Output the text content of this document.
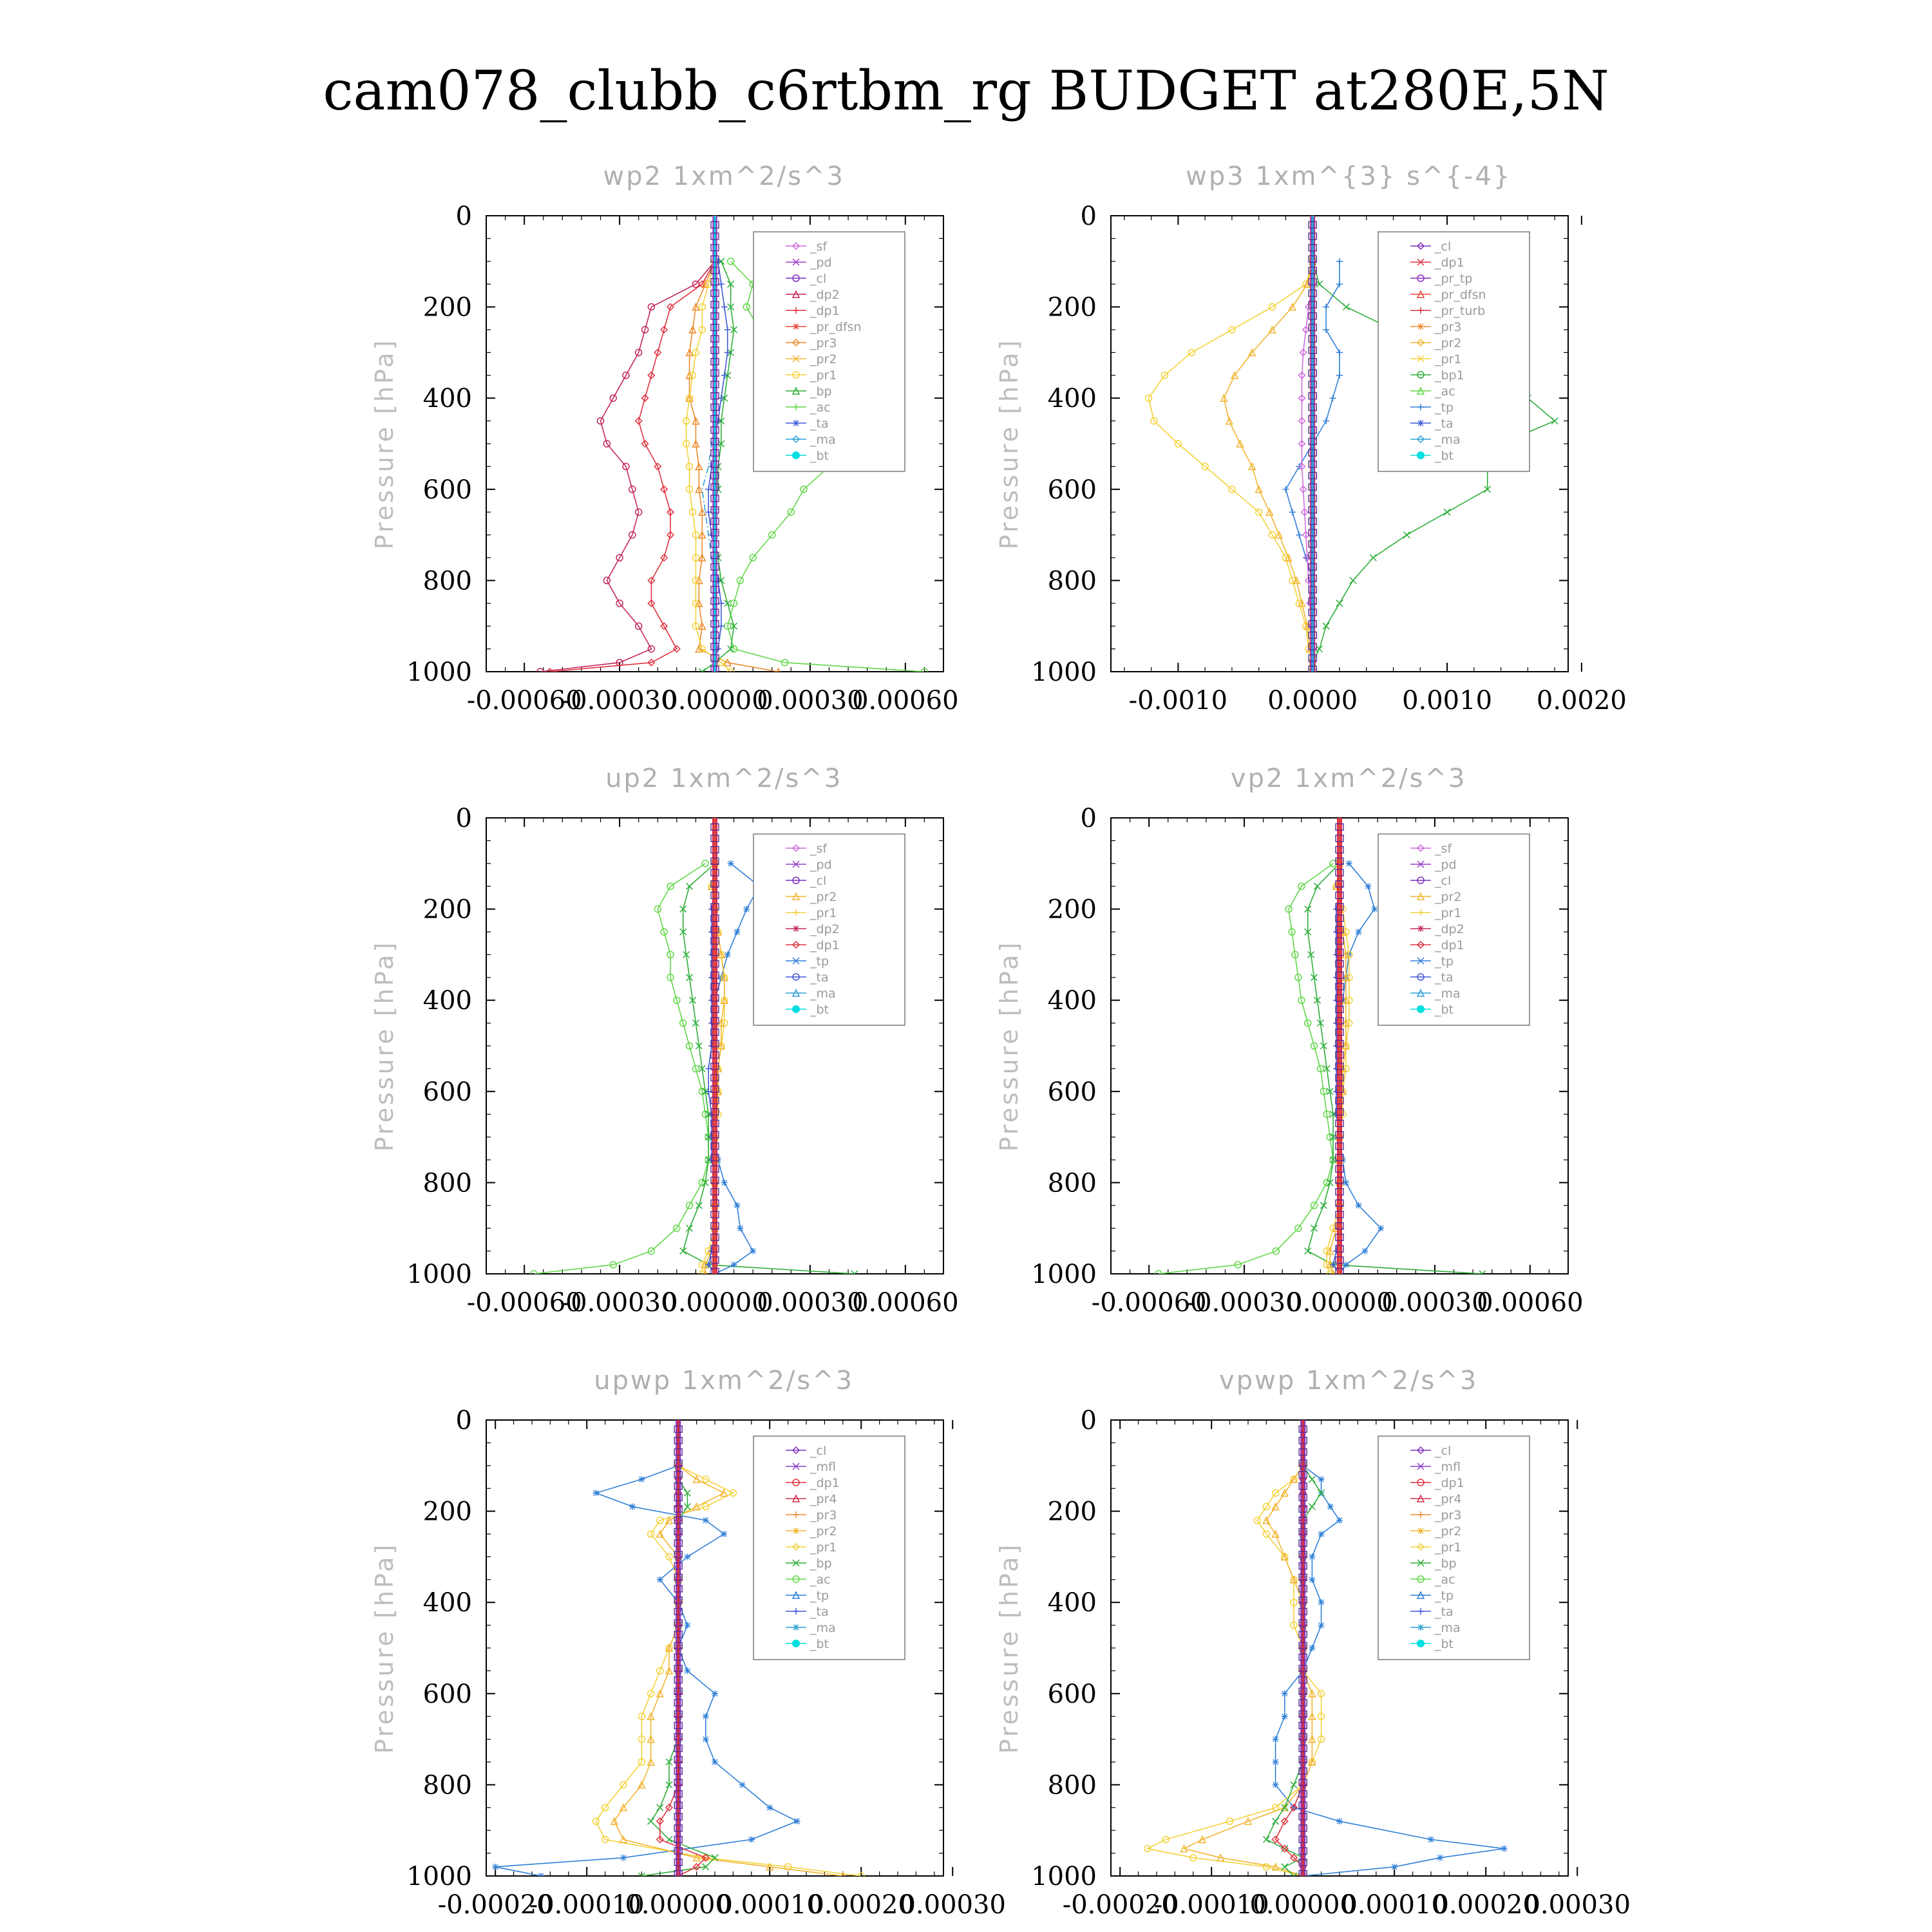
cam078_clubb_c6rtbm_rg BUDGET at280E,5N
wp2 1xm^2/s^3
Pressure [hPa]
0
200
400
600
800
1000
-0.00060
-0.00030
0.00000
0.00030
0.00060
_sf
_pd
_cl
_dp2
_dp1
_pr_dfsn
_pr3
_pr2
_pr1
_bp
_ac
_ta
_ma
_bt
wp3 1xm^{3} s^{-4}
Pressure [hPa]
0
200
400
600
800
1000
-0.0010 0.0000 0.0010 0.0020
_cl
_dp1
_pr_tp
_pr_dfsn
_pr_turb
_pr3
_pr2
_pr1
_bp1
_ac
_tp
_ta
_ma
_bt
up2 1xm^2/s^3
Pressure [hPa]
0
200
400
600
800
1000
-0.00060
-0.00030
0.00000
0.00030
0.00060
_sf
_pd
_cl
_pr2
_pr1
_dp2
_dp1
_tp
_ta
_ma
_bt
vp2 1xm^2/s^3
Pressure [hPa]
0
200
400
600
800
1000
-0.00060
-0.00030
0.00000
0.00030
0.00060
_sf
_pd
_cl
_pr2
_pr1
_dp2
_dp1
_tp
_ta
_ma
_bt
upwp 1xm^2/s^3
Pressure [hPa]
0
200
400
600
800
1000
-0.00020
-0.00010
0.00000
0.00010
0.00020
0.00030
_cl
_mfl
_dp1
_pr4
_pr3
_pr2
_pr1
_bp
_ac
_tp
_ta
_ma
_bt
vpwp 1xm^2/s^3
Pressure [hPa]
0
200
400
600
800
1000
-0.00020
-0.00010
0.00000
0.00010
0.00020
0.00030
_cl
_mfl
_dp1
_pr4
_pr3
_pr2
_pr1
_bp
_ac
_tp
_ta
_ma
_bt
